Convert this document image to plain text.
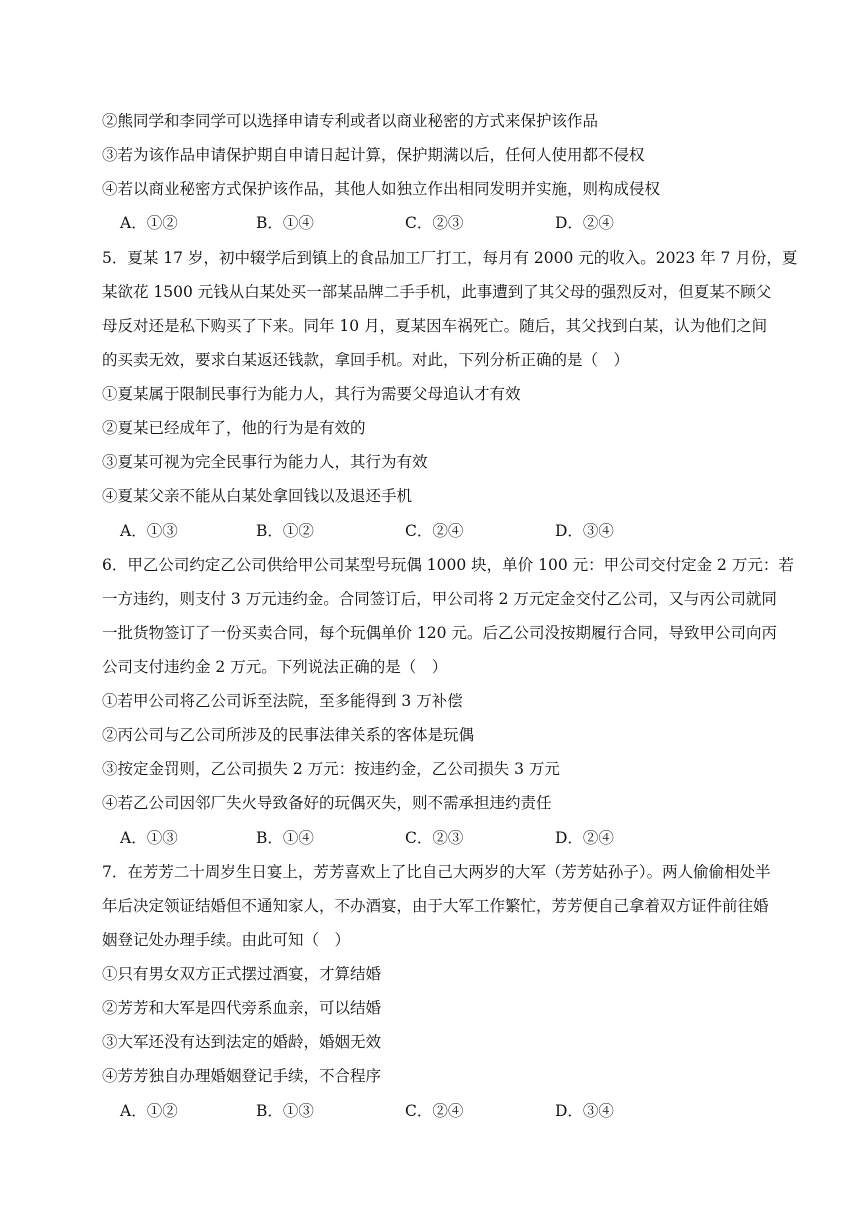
②熊同学和李同学可以选择申请专利或者以商业秘密的方式来保护该作品
③若为该作品申请保护期自申请日起计算，保护期满以后，任何人使用都不侵权
④若以商业秘密方式保护该作品，其他人如独立作出相同发明并实施，则构成侵权
A．①②	B．①④	C．②③	D．②④
5．夏某 17 岁，初中辍学后到镇上的食品加工厂打工，每月有 2000 元的收入。2023 年 7 月份，夏
某欲花 1500 元钱从白某处买一部某品牌二手手机，此事遭到了其父母的强烈反对，但夏某不顾父
母反对还是私下购买了下来。同年 10 月，夏某因车祸死亡。随后，其父找到白某，认为他们之间
的买卖无效，要求白某返还钱款，拿回手机。对此，下列分析正确的是（　）
①夏某属于限制民事行为能力人，其行为需要父母追认才有效
②夏某已经成年了，他的行为是有效的
③夏某可视为完全民事行为能力人，其行为有效
④夏某父亲不能从白某处拿回钱以及退还手机
A．①③	B．①②	C．②④	D．③④
6．甲乙公司约定乙公司供给甲公司某型号玩偶 1000 块，单价 100 元：甲公司交付定金 2 万元：若
一方违约，则支付 3 万元违约金。合同签订后，甲公司将 2 万元定金交付乙公司，又与丙公司就同
一批货物签订了一份买卖合同，每个玩偶单价 120 元。后乙公司没按期履行合同，导致甲公司向丙
公司支付违约金 2 万元。下列说法正确的是（　）
①若甲公司将乙公司诉至法院，至多能得到 3 万补偿
②丙公司与乙公司所涉及的民事法律关系的客体是玩偶
③按定金罚则，乙公司损失 2 万元：按违约金，乙公司损失 3 万元
④若乙公司因邻厂失火导致备好的玩偶灭失，则不需承担违约责任
A．①③	B．①④	C．②③	D．②④
7．在芳芳二十周岁生日宴上，芳芳喜欢上了比自己大两岁的大军（芳芳姑孙子）。两人偷偷相处半
年后决定领证结婚但不通知家人，不办酒宴，由于大军工作繁忙，芳芳便自己拿着双方证件前往婚
姻登记处办理手续。由此可知（　）
①只有男女双方正式摆过酒宴，才算结婚
②芳芳和大军是四代旁系血亲，可以结婚
③大军还没有达到法定的婚龄，婚姻无效
④芳芳独自办理婚姻登记手续，不合程序
A．①②	B．①③	C．②④	D．③④
